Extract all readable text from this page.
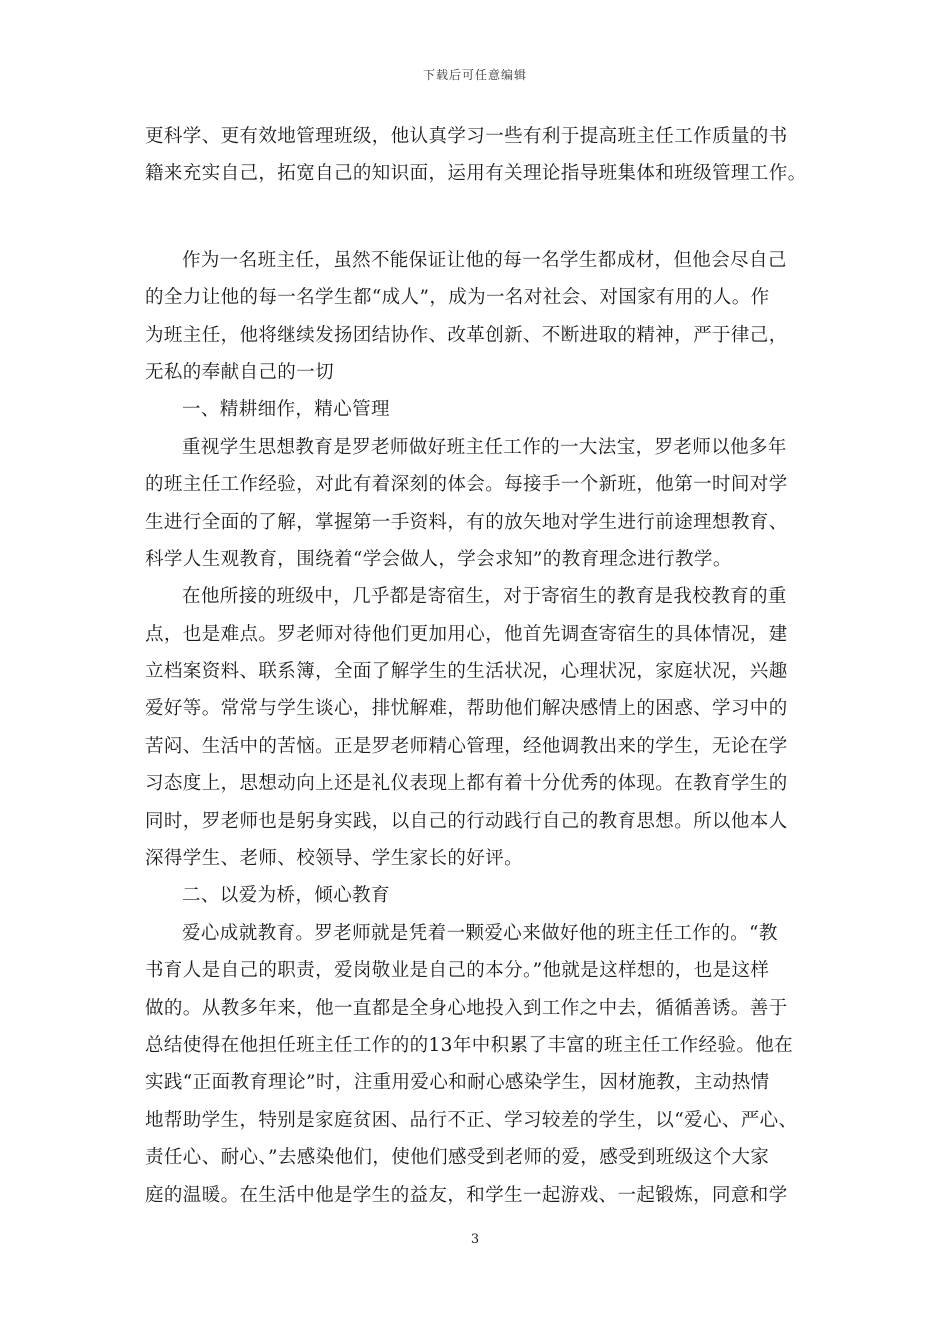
下载后可任意编辑
更科学、更有效地管理班级，他认真学习一些有利于提高班主任工作质量的书
籍来充实自己，拓宽自己的知识面，运用有关理论指导班集体和班级管理工作。
作为一名班主任，虽然不能保证让他的每一名学生都成材，但他会尽自己
的全力让他的每一名学生都“成人”，成为一名对社会、对国家有用的人。作
为班主任，他将继续发扬团结协作、改革创新、不断进取的精神，严于律己，
无私的奉献自己的一切
一、精耕细作，精心管理
重视学生思想教育是罗老师做好班主任工作的一大法宝，罗老师以他多年
的班主任工作经验，对此有着深刻的体会。每接手一个新班，他第一时间对学
生进行全面的了解，掌握第一手资料，有的放矢地对学生进行前途理想教育、
科学人生观教育，围绕着“学会做人，学会求知”的教育理念进行教学。
在他所接的班级中，几乎都是寄宿生，对于寄宿生的教育是我校教育的重
点，也是难点。罗老师对待他们更加用心，他首先调查寄宿生的具体情况，建
立档案资料、联系簿，全面了解学生的生活状况，心理状况，家庭状况，兴趣
爱好等。常常与学生谈心，排忧解难，帮助他们解决感情上的困惑、学习中的
苦闷、生活中的苦恼。正是罗老师精心管理，经他调教出来的学生，无论在学
习态度上，思想动向上还是礼仪表现上都有着十分优秀的体现。在教育学生的
同时，罗老师也是躬身实践，以自己的行动践行自己的教育思想。所以他本人
深得学生、老师、校领导、学生家长的好评。
二、以爱为桥，倾心教育
爱心成就教育。罗老师就是凭着一颗爱心来做好他的班主任工作的。“教
书育人是自己的职责，爱岗敬业是自己的本分。”他就是这样想的，也是这样
做的。从教多年来，他一直都是全身心地投入到工作之中去，循循善诱。善于
总结使得在他担任班主任工作的的13年中积累了丰富的班主任工作经验。他在
实践“正面教育理论”时，注重用爱心和耐心感染学生，因材施教，主动热情
地帮助学生，特别是家庭贫困、品行不正、学习较差的学生，以“爱心、严心、
责任心、耐心、”去感染他们，使他们感受到老师的爱，感受到班级这个大家
庭的温暖。在生活中他是学生的益友，和学生一起游戏、一起锻炼，同意和学
3
